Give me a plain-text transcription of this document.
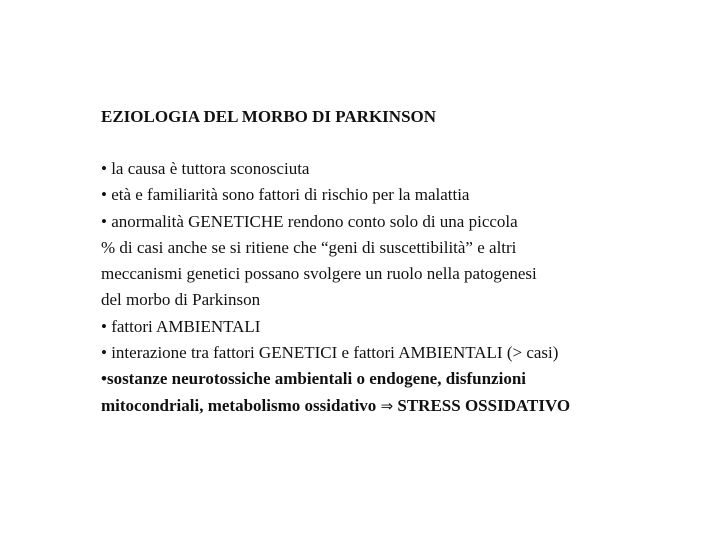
EZIOLOGIA DEL MORBO DI PARKINSON
• la causa è tuttora sconosciuta
• età e familiarità sono fattori di rischio per la malattia
• anormalità GENETICHE rendono conto solo di una piccola
% di casi anche se si ritiene che “geni di suscettibilità” e altri
meccanismi genetici possano svolgere un ruolo nella patogenesi
del morbo di Parkinson
• fattori AMBIENTALI
• interazione tra fattori GENETICI e fattori AMBIENTALI (> casi)
•sostanze neurotossiche ambientali o endogene, disfunzioni
mitocondriali, metabolismo ossidativo ⇒ STRESS OSSIDATIVO
